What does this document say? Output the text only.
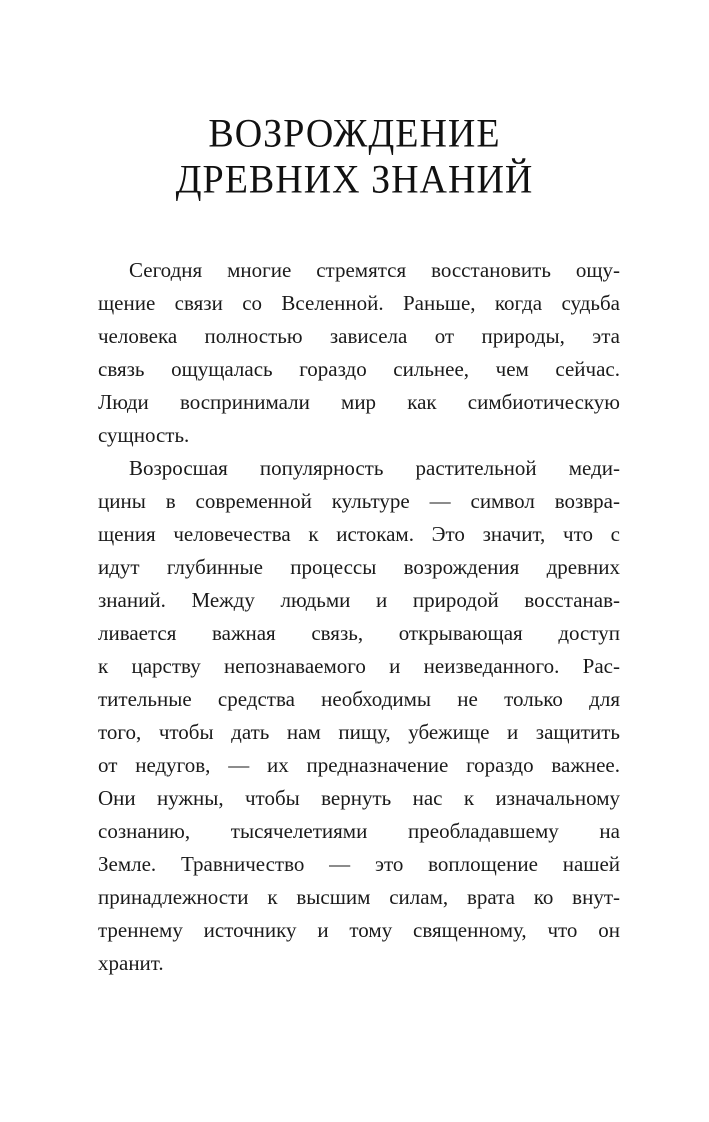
ВОЗРОЖДЕНИЕ
ДРЕВНИХ ЗНАНИЙ

Сегодня многие стремятся восстановить ощу-
щение связи со Вселенной. Раньше, когда судьба
человека полностью зависела от природы, эта
связь ощущалась гораздо сильнее, чем сейчас.
Люди воспринимали мир как симбиотическую
сущность.

Возросшая популярность растительной меди-
цины в современной культуре — символ возвра-
щения человечества к истокам. Это значит, что с
идут глубинные процессы возрождения древних
знаний. Между людьми и природой восстанав-
ливается важная связь, открывающая доступ
к царству непознаваемого и неизведанного. Рас-
тительные средства необходимы не только для
того, чтобы дать нам пищу, убежище и защитить
от недугов, — их предназначение гораздо важнее.
Они нужны, чтобы вернуть нас к изначальному
сознанию, тысячелетиями преобладавшему на
Земле. Травничество — это воплощение нашей
принадлежности к высшим силам, врата ко внут-
треннему источнику и тому священному, что он
хранит.
